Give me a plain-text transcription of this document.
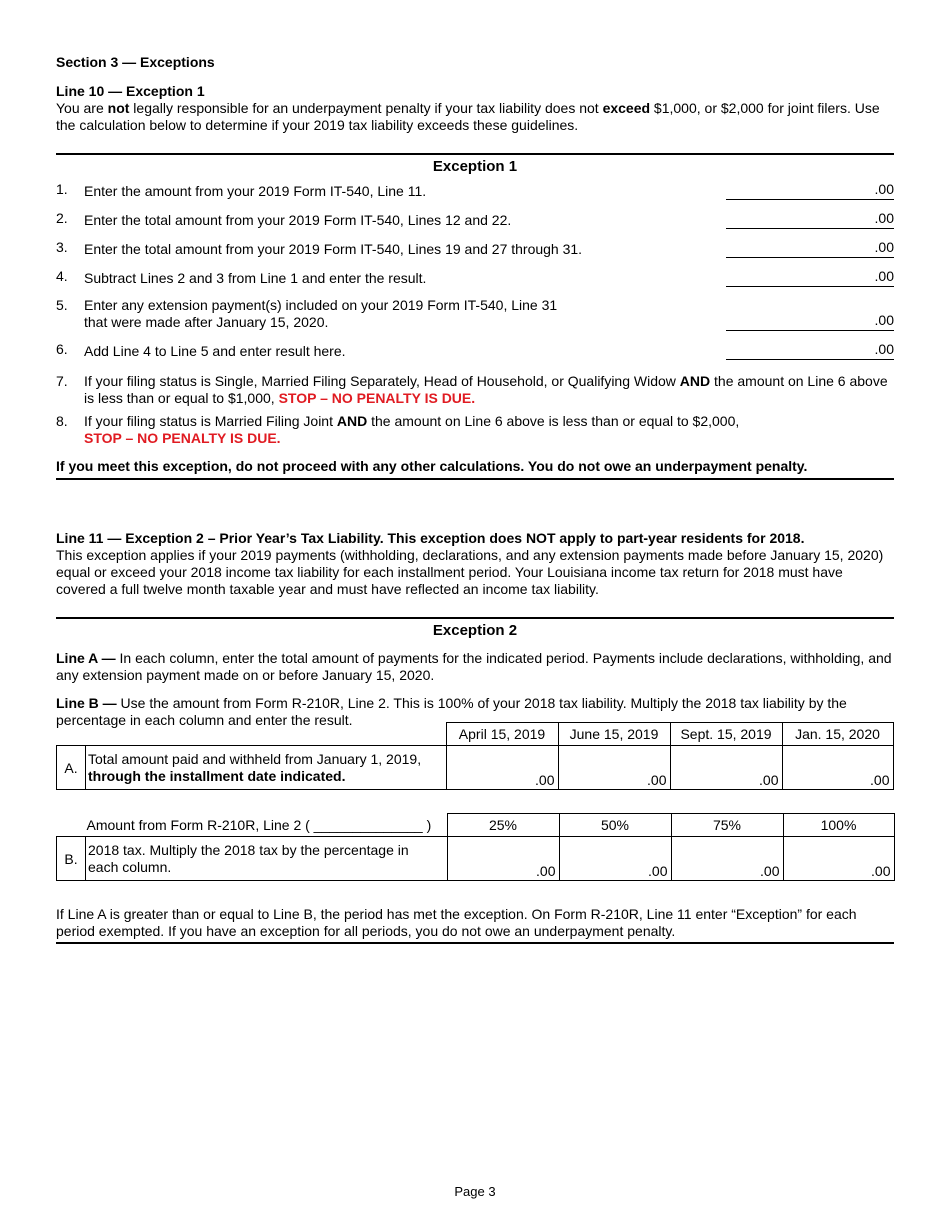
Section 3 — Exceptions
Line 10 — Exception 1

You are not legally responsible for an underpayment penalty if your tax liability does not exceed $1,000, or $2,000 for joint filers. Use the calculation below to determine if your 2019 tax liability exceeds these guidelines.

Exception 1
1.	Enter the amount from your 2019 Form IT-540, Line 11.	.00
2.	Enter the total amount from your 2019 Form IT-540, Lines 12 and 22.	.00
3.	Enter the total amount from your 2019 Form IT-540, Lines 19 and 27 through 31.	.00
4.	Subtract Lines 2 and 3 from Line 1 and enter the result.	.00
5.	Enter any extension payment(s) included on your 2019 Form IT-540, Line 31
that were made after January 15, 2020.	.00
6.	Add Line 4 to Line 5 and enter result here.	.00
7.	If your filing status is Single, Married Filing Separately, Head of Household, or Qualifying Widow AND the amount on Line 6 above is less than or equal to $1,000, STOP – NO PENALTY IS DUE.
8.	If your filing status is Married Filing Joint AND the amount on Line 6 above is less than or equal to $2,000,
STOP – NO PENALTY IS DUE.
If you meet this exception, do not proceed with any other calculations. You do not owe an underpayment penalty.
Line 11 — Exception 2 – Prior Year’s Tax Liability. This exception does NOT apply to part-year residents for 2018.

This exception applies if your 2019 payments (withholding, declarations, and any extension payments made before January 15, 2020) equal or exceed your 2018 income tax liability for each installment period. Your Louisiana income tax return for 2018 must have covered a full twelve month taxable year and must have reflected an income tax liability.

Exception 2

Line A — In each column, enter the total amount of payments for the indicated period. Payments include declarations, withholding, and any extension payment made on or before January 15, 2020.

Line B — Use the amount from Form R-210R, Line 2. This is 100% of your 2018 tax liability. Multiply the 2018 tax liability by the percentage in each column and enter the result.

		April 15, 2019	June 15, 2019	Sept. 15, 2019	Jan. 15, 2020
A.	Total amount paid and withheld from January 1, 2019,
through the installment date indicated.	.00	.00	.00	.00
	Amount from Form R-210R, Line 2 ( ______________ )	25%	50%	75%	100%
B.	2018 tax. Multiply the 2018 tax by the percentage in
each column.	.00	.00	.00	.00
If Line A is greater than or equal to Line B, the period has met the exception. On Form R-210R, Line 11 enter “Exception” for each period exempted. If you have an exception for all periods, you do not owe an underpayment penalty.
Page 3
